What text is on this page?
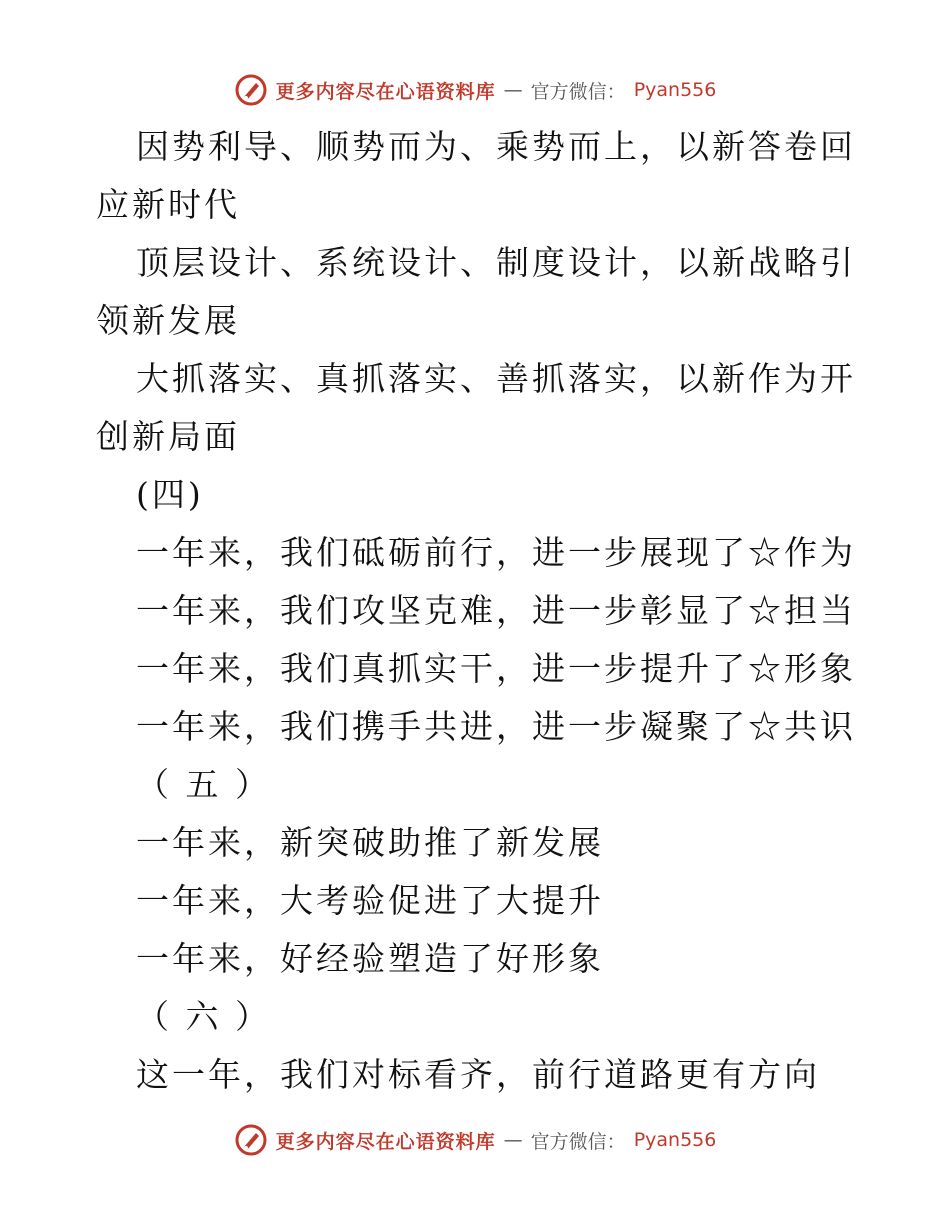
更多内容尽在心语资料库 — 官方微信： Pyan556

因势利导、顺势而为、乘势而上，以新答卷回应新时代

顶层设计、系统设计、制度设计，以新战略引领新发展

大抓落实、真抓落实、善抓落实，以新作为开创新局面

(四)

一年来，我们砥砺前行，进一步展现了☆作为

一年来，我们攻坚克难，进一步彰显了☆担当

一年来，我们真抓实干，进一步提升了☆形象

一年来，我们携手共进，进一步凝聚了☆共识

（ 五 ）

一年来，新突破助推了新发展

一年来，大考验促进了大提升

一年来，好经验塑造了好形象

（ 六 ）

这一年，我们对标看齐，前行道路更有方向

更多内容尽在心语资料库 — 官方微信： Pyan556
